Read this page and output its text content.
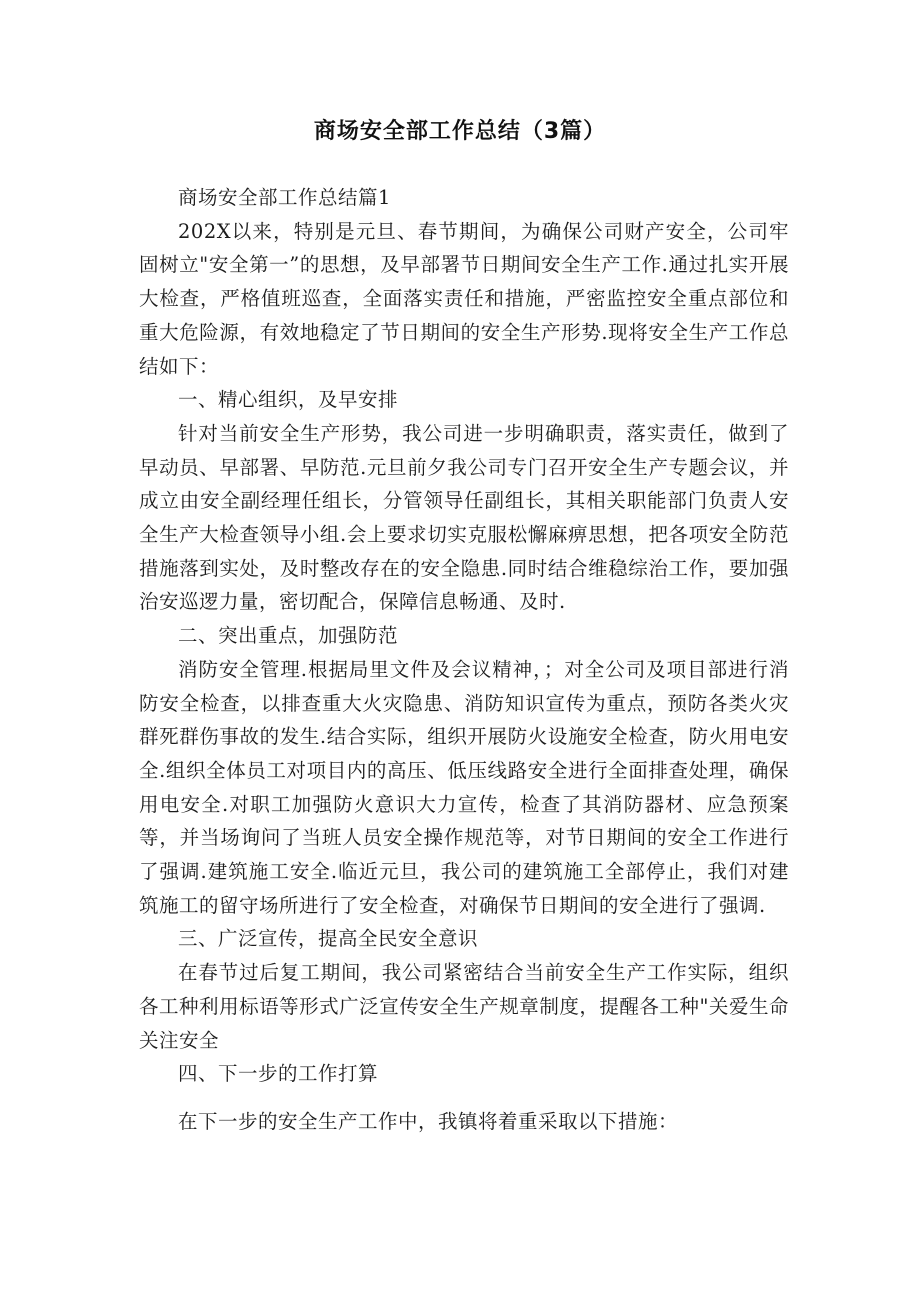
商场安全部工作总结（3篇）

商场安全部工作总结篇1

202X以来，特别是元旦、春节期间，为确保公司财产安全，公司牢固树立"安全第一”的思想，及早部署节日期间安全生产工作.通过扎实开展大检查，严格值班巡查，全面落实责任和措施，严密监控安全重点部位和重大危险源，有效地稳定了节日期间的安全生产形势.现将安全生产工作总结如下：

一、精心组织，及早安排

针对当前安全生产形势，我公司进一步明确职责，落实责任，做到了早动员、早部署、早防范.元旦前夕我公司专门召开安全生产专题会议，并成立由安全副经理任组长，分管领导任副组长，其相关职能部门负责人安全生产大检查领导小组.会上要求切实克服松懈麻痹思想，把各项安全防范措施落到实处，及时整改存在的安全隐患.同时结合维稳综治工作，要加强治安巡逻力量，密切配合，保障信息畅通、及时.

二、突出重点，加强防范

消防安全管理.根据局里文件及会议精神，；对全公司及项目部进行消防安全检查，以排查重大火灾隐患、消防知识宣传为重点，预防各类火灾群死群伤事故的发生.结合实际，组织开展防火设施安全检查，防火用电安全.组织全体员工对项目内的高压、低压线路安全进行全面排查处理，确保用电安全.对职工加强防火意识大力宣传，检查了其消防器材、应急预案等，并当场询问了当班人员安全操作规范等，对节日期间的安全工作进行了强调.建筑施工安全.临近元旦，我公司的建筑施工全部停止，我们对建筑施工的留守场所进行了安全检查，对确保节日期间的安全进行了强调.

三、广泛宣传，提高全民安全意识

在春节过后复工期间，我公司紧密结合当前安全生产工作实际，组织各工种利用标语等形式广泛宣传安全生产规章制度，提醒各工种"关爱生命关注安全

四、下一步的工作打算

在下一步的安全生产工作中，我镇将着重采取以下措施：
